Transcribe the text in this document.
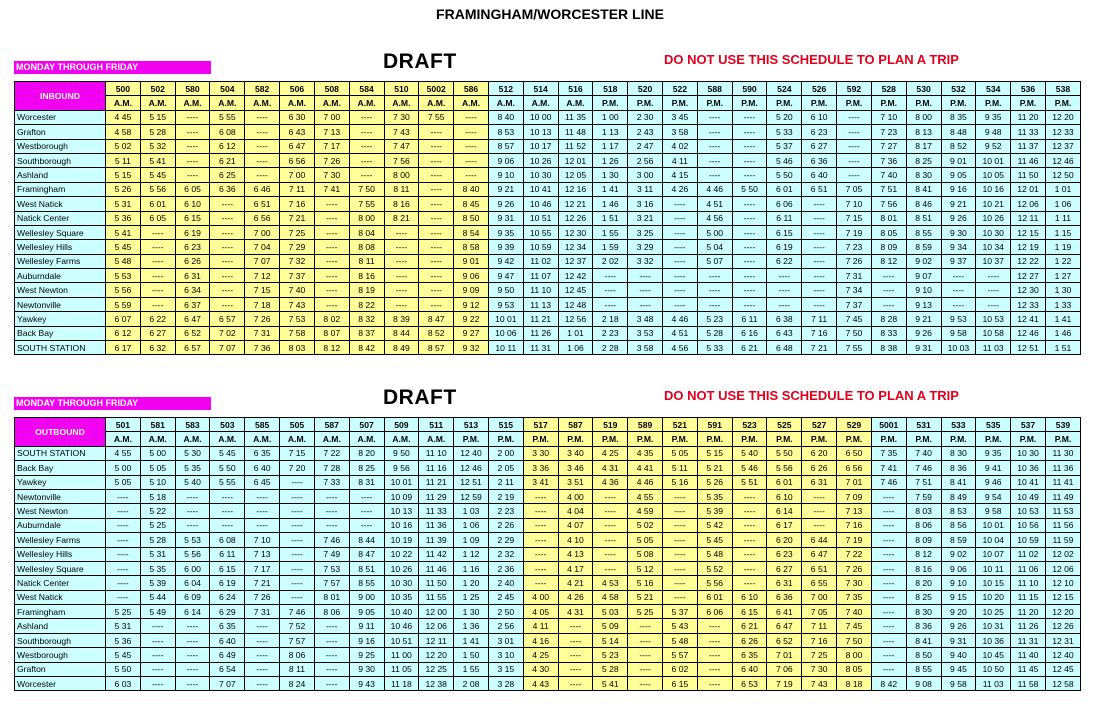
FRAMINGHAM/WORCESTER LINE
MONDAY THROUGH FRIDAY	DRAFT	DO NOT USE THIS SCHEDULE TO PLAN A TRIP
INBOUND	500	502	580	504	582	506	508	584	510	5002	586	512	514	516	518	520	522	588	590	524	526	592	528	530	532	534	536	538
	A.M.	A.M.	A.M.	A.M.	A.M.	A.M.	A.M.	A.M.	A.M.	A.M.	A.M.	A.M.	A.M.	A.M.	P.M.	P.M.	P.M.	P.M.	P.M.	P.M.	P.M.	P.M.	P.M.	P.M.	P.M.	P.M.	P.M.	P.M.
Worcester	4 45	5 15	----	5 55	----	6 30	7 00	----	7 30	7 55	----	8 40	10 00	11 35	1 00	2 30	3 45	----	----	5 20	6 10	----	7 10	8 00	8 35	9 35	11 20	12 20
Grafton	4 58	5 28	----	6 08	----	6 43	7 13	----	7 43	----	----	8 53	10 13	11 48	1 13	2 43	3 58	----	----	5 33	6 23	----	7 23	8 13	8 48	9 48	11 33	12 33
Westborough	5 02	5 32	----	6 12	----	6 47	7 17	----	7 47	----	----	8 57	10 17	11 52	1 17	2 47	4 02	----	----	5 37	6 27	----	7 27	8 17	8 52	9 52	11 37	12 37
Southborough	5 11	5 41	----	6 21	----	6 56	7 26	----	7 56	----	----	9 06	10 26	12 01	1 26	2 56	4 11	----	----	5 46	6 36	----	7 36	8 25	9 01	10 01	11 46	12 46
Ashland	5 15	5 45	----	6 25	----	7 00	7 30	----	8 00	----	----	9 10	10 30	12 05	1 30	3 00	4 15	----	----	5 50	6 40	----	7 40	8 30	9 05	10 05	11 50	12 50
Framingham	5 26	5 56	6 05	6 36	6 46	7 11	7 41	7 50	8 11	----	8 40	9 21	10 41	12 16	1 41	3 11	4 26	4 46	5 50	6 01	6 51	7 05	7 51	8 41	9 16	10 16	12 01	1 01
West Natick	5 31	6 01	6 10	----	6 51	7 16	----	7 55	8 16	----	8 45	9 26	10 46	12 21	1 46	3 16	----	4 51	----	6 06	----	7 10	7 56	8 46	9 21	10 21	12 06	1 06
Natick Center	5 36	6 05	6 15	----	6 56	7 21	----	8 00	8 21	----	8 50	9 31	10 51	12 26	1 51	3 21	----	4 56	----	6 11	----	7 15	8 01	8 51	9 26	10 26	12 11	1 11
Wellesley Square	5 41	----	6 19	----	7 00	7 25	----	8 04	----	----	8 54	9 35	10 55	12 30	1 55	3 25	----	5 00	----	6 15	----	7 19	8 05	8 55	9 30	10 30	12 15	1 15
Wellesley Hills	5 45	----	6 23	----	7 04	7 29	----	8 08	----	----	8 58	9 39	10 59	12 34	1 59	3 29	----	5 04	----	6 19	----	7 23	8 09	8 59	9 34	10 34	12 19	1 19
Wellesley Farms	5 48	----	6 26	----	7 07	7 32	----	8 11	----	----	9 01	9 42	11 02	12 37	2 02	3 32	----	5 07	----	6 22	----	7 26	8 12	9 02	9 37	10 37	12 22	1 22
Auburndale	5 53	----	6 31	----	7 12	7 37	----	8 16	----	----	9 06	9 47	11 07	12 42	----	----	----	----	----	----	----	7 31	----	9 07	----	----	12 27	1 27
West Newton	5 56	----	6 34	----	7 15	7 40	----	8 19	----	----	9 09	9 50	11 10	12 45	----	----	----	----	----	----	----	7 34	----	9 10	----	----	12 30	1 30
Newtonville	5 59	----	6 37	----	7 18	7 43	----	8 22	----	----	9 12	9 53	11 13	12 48	----	----	----	----	----	----	----	7 37	----	9 13	----	----	12 33	1 33
Yawkey	6 07	6 22	6 47	6 57	7 26	7 53	8 02	8 32	8 39	8 47	9 22	10 01	11 21	12 56	2 18	3 48	4 46	5 23	6 11	6 38	7 11	7 45	8 28	9 21	9 53	10 53	12 41	1 41
Back Bay	6 12	6 27	6 52	7 02	7 31	7 58	8 07	8 37	8 44	8 52	9 27	10 06	11 26	1 01	2 23	3 53	4 51	5 28	6 16	6 43	7 16	7 50	8 33	9 26	9 58	10 58	12 46	1 46
SOUTH STATION	6 17	6 32	6 57	7 07	7 36	8 03	8 12	8 42	8 49	8 57	9 32	10 11	11 31	1 06	2 28	3 58	4 56	5 33	6 21	6 48	7 21	7 55	8 38	9 31	10 03	11 03	12 51	1 51
MONDAY THROUGH FRIDAY	DRAFT	DO NOT USE THIS SCHEDULE TO PLAN A TRIP
OUTBOUND	501	581	583	503	585	505	587	507	509	511	513	515	517	587	519	589	521	591	523	525	527	529	5001	531	533	535	537	539
	A.M.	A.M.	A.M.	A.M.	A.M.	A.M.	A.M.	A.M.	A.M.	A.M.	P.M.	P.M.	P.M.	P.M.	P.M.	P.M.	P.M.	P.M.	P.M.	P.M.	P.M.	P.M.	P.M.	P.M.	P.M.	P.M.	P.M.	P.M.
SOUTH STATION	4 55	5 00	5 30	5 45	6 35	7 15	7 22	8 20	9 50	11 10	12 40	2 00	3 30	3 40	4 25	4 35	5 05	5 15	5 40	5 50	6 20	6 50	7 35	7 40	8 30	9 35	10 30	11 30
Back Bay	5 00	5 05	5 35	5 50	6 40	7 20	7 28	8 25	9 56	11 16	12 46	2 05	3 36	3 46	4 31	4 41	5 11	5 21	5 46	5 56	6 26	6 56	7 41	7 46	8 36	9 41	10 36	11 36
Yawkey	5 05	5 10	5 40	5 55	6 45	----	7 33	8 31	10 01	11 21	12 51	2 11	3 41	3 51	4 36	4 46	5 16	5 26	5 51	6 01	6 31	7 01	7 46	7 51	8 41	9 46	10 41	11 41
Newtonville	----	5 18	----	----	----	----	----	----	10 09	11 29	12 59	2 19	----	4 00	----	4 55	----	5 35	----	6 10	----	7 09	----	7 59	8 49	9 54	10 49	11 49
West Newton	----	5 22	----	----	----	----	----	----	10 13	11 33	1 03	2 23	----	4 04	----	4 59	----	5 39	----	6 14	----	7 13	----	8 03	8 53	9 58	10 53	11 53
Auburndale	----	5 25	----	----	----	----	----	----	10 16	11 36	1 06	2 26	----	4 07	----	5 02	----	5 42	----	6 17	----	7 16	----	8 06	8 56	10 01	10 56	11 56
Wellesley Farms	----	5 28	5 53	6 08	7 10	----	7 46	8 44	10 19	11 39	1 09	2 29	----	4 10	----	5 05	----	5 45	----	6 20	6 44	7 19	----	8 09	8 59	10 04	10 59	11 59
Wellesley Hills	----	5 31	5 56	6 11	7 13	----	7 49	8 47	10 22	11 42	1 12	2 32	----	4 13	----	5 08	----	5 48	----	6 23	6 47	7 22	----	8 12	9 02	10 07	11 02	12 02
Wellesley Square	----	5 35	6 00	6 15	7 17	----	7 53	8 51	10 26	11 46	1 16	2 36	----	4 17	----	5 12	----	5 52	----	6 27	6 51	7 26	----	8 16	9 06	10 11	11 06	12 06
Natick Center	----	5 39	6 04	6 19	7 21	----	7 57	8 55	10 30	11 50	1 20	2 40	----	4 21	4 53	5 16	----	5 56	----	6 31	6 55	7 30	----	8 20	9 10	10 15	11 10	12 10
West Natick	----	5 44	6 09	6 24	7 26	----	8 01	9 00	10 35	11 55	1 25	2 45	4 00	4 26	4 58	5 21	----	6 01	6 10	6 36	7 00	7 35	----	8 25	9 15	10 20	11 15	12 15
Framingham	5 25	5 49	6 14	6 29	7 31	7 46	8 06	9 05	10 40	12 00	1 30	2 50	4 05	4 31	5 03	5 25	5 37	6 06	6 15	6 41	7 05	7 40	----	8 30	9 20	10 25	11 20	12 20
Ashland	5 31	----	----	6 35	----	7 52	----	9 11	10 46	12 06	1 36	2 56	4 11	----	5 09	----	5 43	----	6 21	6 47	7 11	7 45	----	8 36	9 26	10 31	11 26	12 26
Southborough	5 36	----	----	6 40	----	7 57	----	9 16	10 51	12 11	1 41	3 01	4 16	----	5 14	----	5 48	----	6 26	6 52	7 16	7 50	----	8 41	9 31	10 36	11 31	12 31
Westborough	5 45	----	----	6 49	----	8 06	----	9 25	11 00	12 20	1 50	3 10	4 25	----	5 23	----	5 57	----	6 35	7 01	7 25	8 00	----	8 50	9 40	10 45	11 40	12 40
Grafton	5 50	----	----	6 54	----	8 11	----	9 30	11 05	12 25	1 55	3 15	4 30	----	5 28	----	6 02	----	6 40	7 06	7 30	8 05	----	8 55	9 45	10 50	11 45	12 45
Worcester	6 03	----	----	7 07	----	8 24	----	9 43	11 18	12 38	2 08	3 28	4 43	----	5 41	----	6 15	----	6 53	7 19	7 43	8 18	8 42	9 08	9 58	11 03	11 58	12 58
